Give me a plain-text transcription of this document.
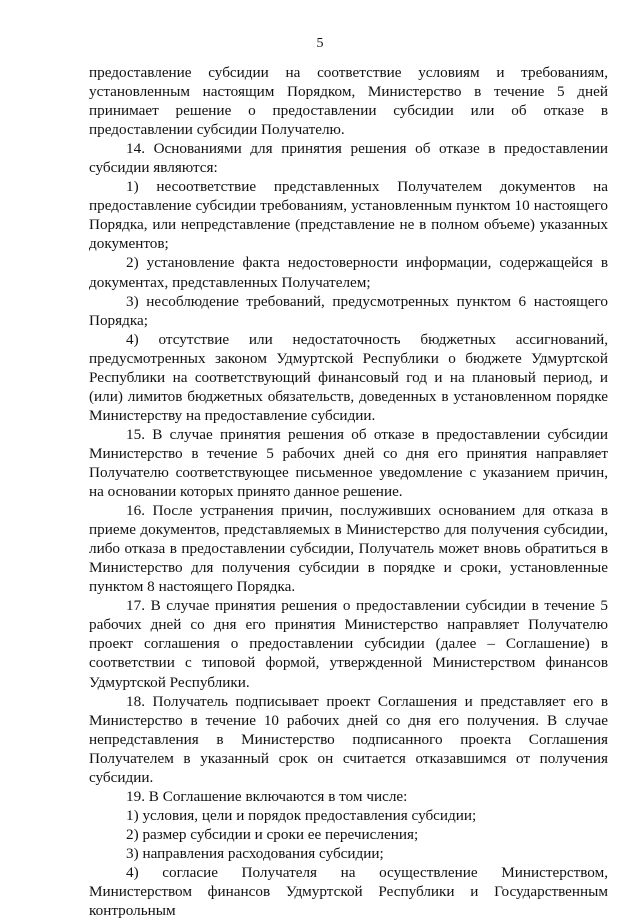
5

предоставление субсидии на соответствие условиям и требованиям, установленным настоящим Порядком, Министерство в течение 5 дней принимает решение о предоставлении субсидии или об отказе в предоставлении субсидии Получателю.

14. Основаниями для принятия решения об отказе в предоставлении субсидии являются:

1) несоответствие представленных Получателем документов на предоставление субсидии требованиям, установленным пунктом 10 настоящего Порядка, или непредставление (представление не в полном объеме) указанных документов;

2) установление факта недостоверности информации, содержащейся в документах, представленных Получателем;

3) несоблюдение требований, предусмотренных пунктом 6 настоящего Порядка;

4) отсутствие или недостаточность бюджетных ассигнований, предусмотренных законом Удмуртской Республики о бюджете Удмуртской Республики на соответствующий финансовый год и на плановый период, и (или) лимитов бюджетных обязательств, доведенных в установленном порядке Министерству на предоставление субсидии.

15. В случае принятия решения об отказе в предоставлении субсидии Министерство в течение 5 рабочих дней со дня его принятия направляет Получателю соответствующее письменное уведомление с указанием причин, на основании которых принято данное решение.

16. После устранения причин, послуживших основанием для отказа в приеме документов, представляемых в Министерство для получения субсидии, либо отказа в предоставлении субсидии, Получатель может вновь обратиться в Министерство для получения субсидии в порядке и сроки, установленные пунктом 8 настоящего Порядка.

17. В случае принятия решения о предоставлении субсидии в течение 5 рабочих дней со дня его принятия Министерство направляет Получателю проект соглашения о предоставлении субсидии (далее – Соглашение) в соответствии с типовой формой, утвержденной Министерством финансов Удмуртской Республики.

18. Получатель подписывает проект Соглашения и представляет его в Министерство в течение 10 рабочих дней со дня его получения. В случае непредставления в Министерство подписанного проекта Соглашения Получателем в указанный срок он считается отказавшимся от получения субсидии.

19. В Соглашение включаются в том числе:

1) условия, цели и порядок предоставления субсидии;

2) размер субсидии и сроки ее перечисления;

3) направления расходования субсидии;

4) согласие Получателя на осуществление Министерством, Министерством финансов Удмуртской Республики и Государственным контрольным
